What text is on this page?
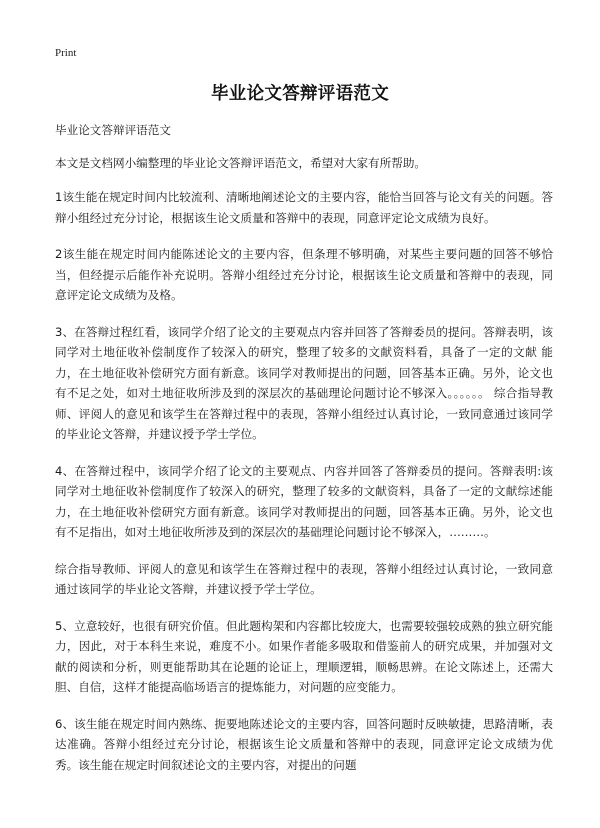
Print
毕业论文答辩评语范文

毕业论文答辩评语范文

本文是文档网小编整理的毕业论文答辩评语范文，希望对大家有所帮助。

1该生能在规定时间内比较流利、清晰地阐述论文的主要内容，能恰当回答与论文有关的问题。答辩小组经过充分讨论，根据该生论文质量和答辩中的表现，同意评定论文成绩为良好。

2该生能在规定时间内能陈述论文的主要内容，但条理不够明确，对某些主要问题的回答不够恰当，但经提示后能作补充说明。答辩小组经过充分讨论，根据该生论文质量和答辩中的表现，同意评定论文成绩为及格。

3、在答辩过程红看，该同学介绍了论文的主要观点内容并回答了答辩委员的提问。答辩表明，该同学对土地征收补偿制度作了较深入的研究，整理了较多的文献资料看，具备了一定的文献 能力，在土地征收补偿研究方面有新意。该同学对教师提出的问题，回答基本正确。另外，论文也有不足之处，如对土地征收所涉及到的深层次的基础理论问题讨论不够深入。。。。。。 综合指导教师、评阅人的意见和该学生在答辩过程中的表现，答辩小组经过认真讨论，一致同意通过该同学的毕业论文答辩，并建议授予学士学位。

4、在答辩过程中，该同学介绍了论文的主要观点、内容并回答了答辩委员的提问。答辩表明:该同学对土地征收补偿制度作了较深入的研究，整理了较多的文献资料，具备了一定的文献综述能力，在土地征收补偿研究方面有新意。该同学对教师提出的问题，回答基本正确。另外，论文也有不足指出，如对土地征收所涉及到的深层次的基础理论问题讨论不够深入，………。

综合指导教师、评阅人的意见和该学生在答辩过程中的表现，答辩小组经过认真讨论，一致同意通过该同学的毕业论文答辩，并建议授予学士学位。

5、立意较好，也很有研究价值。但此题构架和内容都比较庞大，也需要较强较成熟的独立研究能力，因此，对于本科生来说，难度不小。如果作者能多吸取和借鉴前人的研究成果，并加强对文献的阅读和分析，则更能帮助其在论题的论证上，理顺逻辑，顺畅思辨。在论文陈述上，还需大胆、自信，这样才能提高临场语言的提炼能力，对问题的应变能力。

6、该生能在规定时间内熟练、扼要地陈述论文的主要内容，回答问题时反映敏捷，思路清晰，表达准确。答辩小组经过充分讨论，根据该生论文质量和答辩中的表现，同意评定论文成绩为优秀。该生能在规定时间叙述论文的主要内容，对提出的问题
